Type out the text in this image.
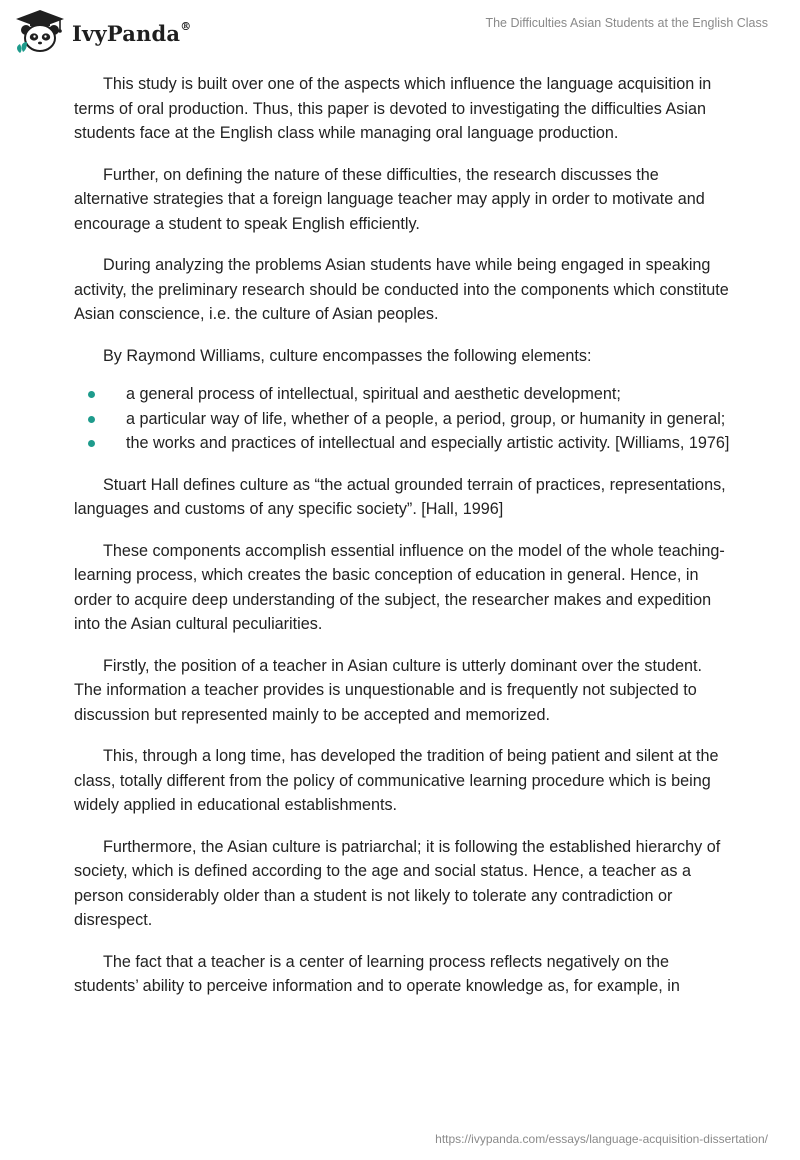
IvyPanda®	The Difficulties Asian Students at the English Class

This study is built over one of the aspects which influence the language acquisition in terms of oral production. Thus, this paper is devoted to investigating the difficulties Asian students face at the English class while managing oral language production.

Further, on defining the nature of these difficulties, the research discusses the alternative strategies that a foreign language teacher may apply in order to motivate and encourage a student to speak English efficiently.

During analyzing the problems Asian students have while being engaged in speaking activity, the preliminary research should be conducted into the components which constitute Asian conscience, i.e. the culture of Asian peoples.

By Raymond Williams, culture encompasses the following elements:

a general process of intellectual, spiritual and aesthetic development;
a particular way of life, whether of a people, a period, group, or humanity in general;
the works and practices of intellectual and especially artistic activity. [Williams, 1976]

Stuart Hall defines culture as “the actual grounded terrain of practices, representations, languages and customs of any specific society”. [Hall, 1996]

These components accomplish essential influence on the model of the whole teaching-learning process, which creates the basic conception of education in general. Hence, in order to acquire deep understanding of the subject, the researcher makes and expedition into the Asian cultural peculiarities.

Firstly, the position of a teacher in Asian culture is utterly dominant over the student. The information a teacher provides is unquestionable and is frequently not subjected to discussion but represented mainly to be accepted and memorized.

This, through a long time, has developed the tradition of being patient and silent at the class, totally different from the policy of communicative learning procedure which is being widely applied in educational establishments.

Furthermore, the Asian culture is patriarchal; it is following the established hierarchy of society, which is defined according to the age and social status. Hence, a teacher as a person considerably older than a student is not likely to tolerate any contradiction or disrespect.

The fact that a teacher is a center of learning process reflects negatively on the students’ ability to perceive information and to operate knowledge as, for example, in

https://ivypanda.com/essays/language-acquisition-dissertation/
